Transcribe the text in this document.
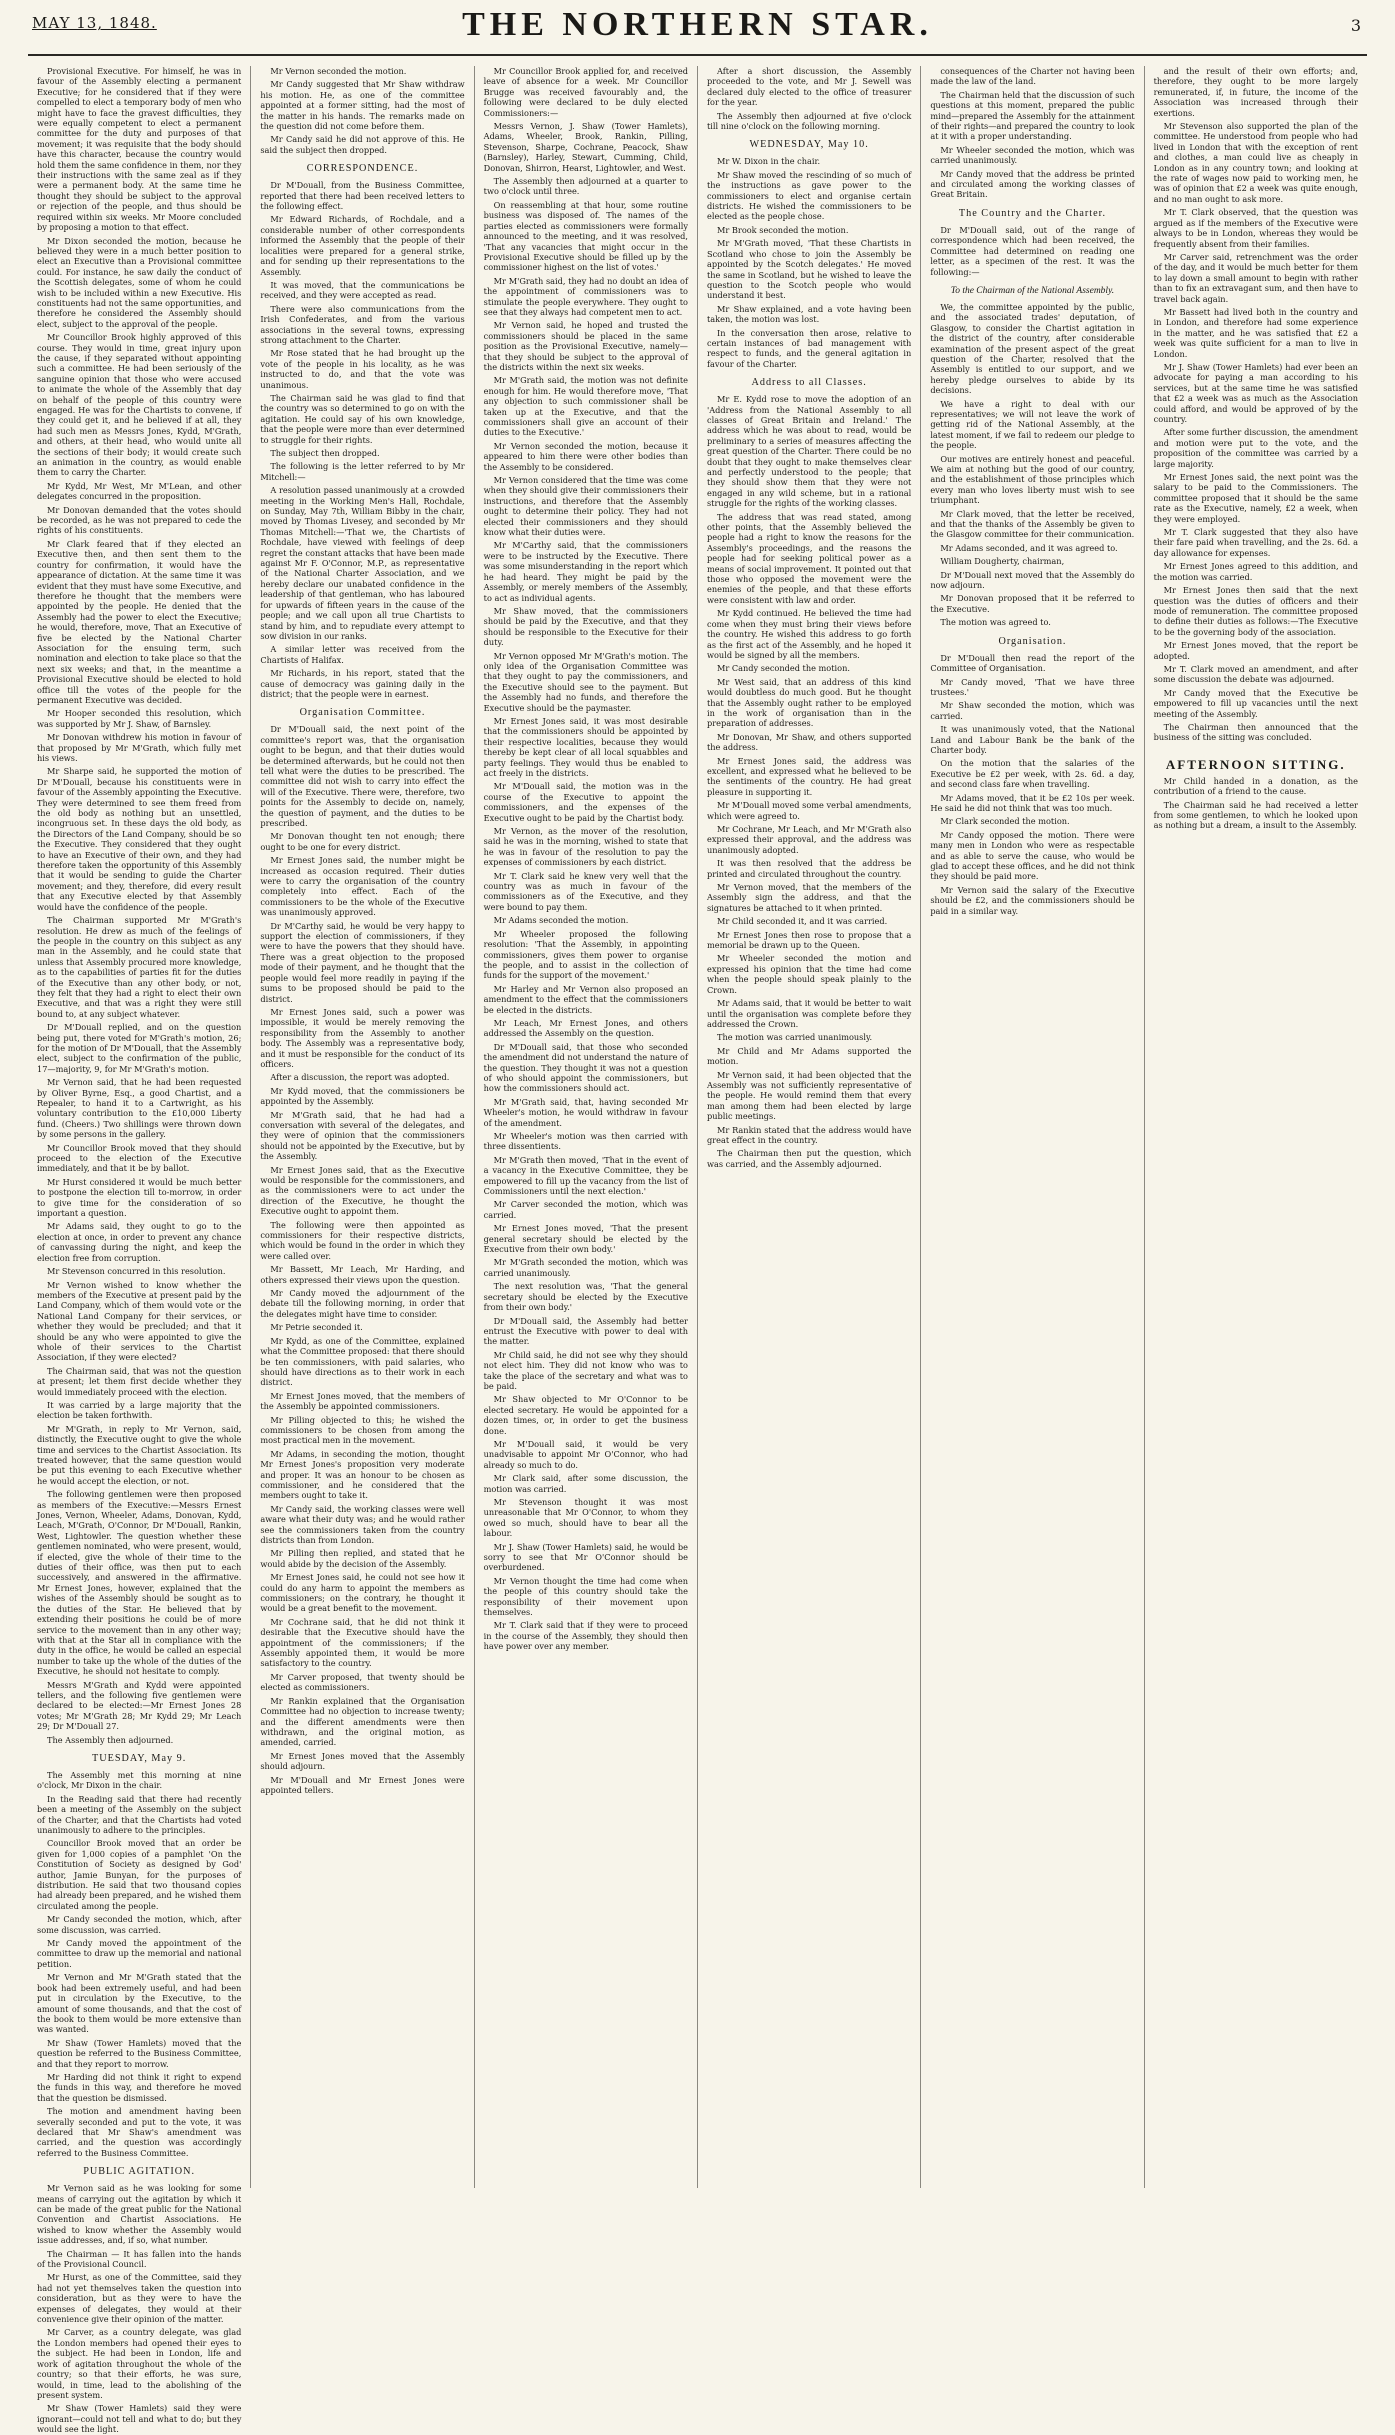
MAY 13, 1848.	THE NORTHERN STAR.	3

Provisional Executive. For himself, he was in favour of the Assembly electing a permanent Executive; for he considered that if they were compelled to elect a temporary body of men who might have to face the gravest difficulties, they were equally competent to elect a permanent committee for the duty and purposes of that movement; it was requisite that the body should have this character, because the country would hold them the same confidence in them, nor they their instructions with the same zeal as if they were a permanent body. At the same time he thought they should be subject to the approval or rejection of the people, and thus should be required within six weeks. Mr Moore concluded by proposing a motion to that effect.

Mr Dixon seconded the motion, because he believed they were in a much better position to elect an Executive than a Provisional committee could. For instance, he saw daily the conduct of the Scottish delegates, some of whom he could wish to be included within a new Executive. His constituents had not the same opportunities, and therefore he considered the Assembly should elect, subject to the approval of the people.

Mr Councillor Brook highly approved of this course. They would in time, great injury upon the cause, if they separated without appointing such a committee. He had been seriously of the sanguine opinion that those who were accused to animate the whole of the Assembly that day on behalf of the people of this country were engaged. He was for the Chartists to convene, if they could get it, and he believed if at all, they had such men as Messrs Jones, Kydd, M'Grath, and others, at their head, who would unite all the sections of their body; it would create such an animation in the country, as would enable them to carry the Charter.

Mr Kydd, Mr West, Mr M'Lean, and other delegates concurred in the proposition.

Mr Donovan demanded that the votes should be recorded, as he was not prepared to cede the rights of his constituents.

Mr Clark feared that if they elected an Executive then, and then sent them to the country for confirmation, it would have the appearance of dictation. At the same time it was evident that they must have some Executive, and therefore he thought that the members were appointed by the people. He denied that the Assembly had the power to elect the Executive; he would, therefore, move, That an Executive of five be elected by the National Charter Association for the ensuing term, such nomination and election to take place so that the next six weeks; and that, in the meantime a Provisional Executive should be elected to hold office till the votes of the people for the permanent Executive was decided.

Mr Hooper seconded this resolution, which was supported by Mr J. Shaw, of Barnsley.

Mr Donovan withdrew his motion in favour of that proposed by Mr M'Grath, which fully met his views.

Mr Sharpe said, he supported the motion of Dr M'Douall, because his constituents were in favour of the Assembly appointing the Executive. They were determined to see them freed from the old body as nothing but an unsettled, incongruous set. In these days the old body, as the Directors of the Land Company, should be so the Executive. They considered that they ought to have an Executive of their own, and they had therefore taken the opportunity of this Assembly that it would be sending to guide the Charter movement; and they, therefore, did every result that any Executive elected by that Assembly would have the confidence of the people.

The Chairman supported Mr M'Grath's resolution. He drew as much of the feelings of the people in the country on this subject as any man in the Assembly, and he could state that unless that Assembly procured more knowledge, as to the capabilities of parties fit for the duties of the Executive than any other body, or not, they felt that they had a right to elect their own Executive, and that was a right they were still bound to, at any subject whatever.

Dr M'Douall replied, and on the question being put, there voted for M'Grath's motion, 26; for the motion of Dr M'Douall, that the Assembly elect, subject to the confirmation of the public, 17—majority, 9, for Mr M'Grath's motion.

Mr Vernon said, that he had been requested by Oliver Byrne, Esq., a good Chartist, and a Repealer, to hand it to a Cartwright, as his voluntary contribution to the £10,000 Liberty fund. (Cheers.) Two shillings were thrown down by some persons in the gallery.

Mr Councillor Brook moved that they should proceed to the election of the Executive immediately, and that it be by ballot.

Mr Hurst considered it would be much better to postpone the election till to-morrow, in order to give time for the consideration of so important a question.

Mr Adams said, they ought to go to the election at once, in order to prevent any chance of canvassing during the night, and keep the election free from corruption.

Mr Stevenson concurred in this resolution.

Mr Vernon wished to know whether the members of the Executive at present paid by the Land Company, which of them would vote or the National Land Company for their services, or whether they would be precluded; and that it should be any who were appointed to give the whole of their services to the Chartist Association, if they were elected?

The Chairman said, that was not the question at present; let them first decide whether they would immediately proceed with the election.

It was carried by a large majority that the election be taken forthwith.

Mr M'Grath, in reply to Mr Vernon, said, distinctly, the Executive ought to give the whole time and services to the Chartist Association. Its treated however, that the same question would be put this evening to each Executive whether he would accept the election, or not.

The following gentlemen were then proposed as members of the Executive:—Messrs Ernest Jones, Vernon, Wheeler, Adams, Donovan, Kydd, Leach, M'Grath, O'Connor, Dr M'Douall, Rankin, West, Lightowler. The question whether these gentlemen nominated, who were present, would, if elected, give the whole of their time to the duties of their office, was then put to each successively, and answered in the affirmative. Mr Ernest Jones, however, explained that the wishes of the Assembly should be sought as to the duties of the Star. He believed that by extending their positions he could be of more service to the movement than in any other way; with that at the Star all in compliance with the duty in the office, he would be called an especial number to take up the whole of the duties of the Executive, he should not hesitate to comply.

Messrs M'Grath and Kydd were appointed tellers, and the following five gentlemen were declared to be elected:—Mr Ernest Jones 28 votes; Mr M'Grath 28; Mr Kydd 29; Mr Leach 29; Dr M'Douall 27.

The Assembly then adjourned.

TUESDAY, May 9.

The Assembly met this morning at nine o'clock, Mr Dixon in the chair.

In the Reading said that there had recently been a meeting of the Assembly on the subject of the Charter, and that the Chartists had voted unanimously to adhere to the principles.

Councillor Brook moved that an order be given for 1,000 copies of a pamphlet 'On the Constitution of Society as designed by God' author, Jamie Bunyan, for the purposes of distribution. He said that two thousand copies had already been prepared, and he wished them circulated among the people.

Mr Candy seconded the motion, which, after some discussion, was carried.

Mr Candy moved the appointment of the committee to draw up the memorial and national petition.

Mr Vernon and Mr M'Grath stated that the book had been extremely useful, and had been put in circulation by the Executive, to the amount of some thousands, and that the cost of the book to them would be more extensive than was wanted.

Mr Shaw (Tower Hamlets) moved that the question be referred to the Business Committee, and that they report to morrow.

Mr Harding did not think it right to expend the funds in this way, and therefore he moved that the question be dismissed.

The motion and amendment having been severally seconded and put to the vote, it was declared that Mr Shaw's amendment was carried, and the question was accordingly referred to the Business Committee.

PUBLIC AGITATION.

Mr Vernon said as he was looking for some means of carrying out the agitation by which it can be made of the great public for the National Convention and Chartist Associations. He wished to know whether the Assembly would issue addresses, and, if so, what number.

The Chairman — It has fallen into the hands of the Provisional Council.

Mr Hurst, as one of the Committee, said they had not yet themselves taken the question into consideration, but as they were to have the expenses of delegates, they would at their convenience give their opinion of the matter.

Mr Carver, as a country delegate, was glad the London members had opened their eyes to the subject. He had been in London, life and work of agitation throughout the whole of the country; so that their efforts, he was sure, would, in time, lead to the abolishing of the present system.

Mr Shaw (Tower Hamlets) said they were ignorant—could not tell and what to do; but they would see the light.

Mr Vernon seconded the motion.

Mr Candy suggested that Mr Shaw withdraw his motion. He, as one of the committee appointed at a former sitting, had the most of the matter in his hands. The remarks made on the question did not come before them.

Mr Candy said he did not approve of this. He said the subject then dropped.

CORRESPONDENCE.

Dr M'Douall, from the Business Committee, reported that there had been received letters to the following effect.

Mr Edward Richards, of Rochdale, and a considerable number of other correspondents informed the Assembly that the people of their localities were prepared for a general strike, and for sending up their representations to the Assembly.

It was moved, that the communications be received, and they were accepted as read.

There were also communications from the Irish Confederates, and from the various associations in the several towns, expressing strong attachment to the Charter.

Mr Rose stated that he had brought up the vote of the people in his locality, as he was instructed to do, and that the vote was unanimous.

The Chairman said he was glad to find that the country was so determined to go on with the agitation. He could say of his own knowledge, that the people were more than ever determined to struggle for their rights.

The subject then dropped.

The following is the letter referred to by Mr Mitchell:—

A resolution passed unanimously at a crowded meeting in the Working Men's Hall, Rochdale, on Sunday, May 7th, William Bibby in the chair, moved by Thomas Livesey, and seconded by Mr Thomas Mitchell:—'That we, the Chartists of Rochdale, have viewed with feelings of deep regret the constant attacks that have been made against Mr F. O'Connor, M.P., as representative of the National Charter Association, and we hereby declare our unabated confidence in the leadership of that gentleman, who has laboured for upwards of fifteen years in the cause of the people; and we call upon all true Chartists to stand by him, and to repudiate every attempt to sow division in our ranks.

A similar letter was received from the Chartists of Halifax.

Mr Richards, in his report, stated that the cause of democracy was gaining daily in the district; that the people were in earnest.

Organisation Committee.

Dr M'Douall said, the next point of the committee's report was, that the organisation ought to be begun, and that their duties would be determined afterwards, but he could not then tell what were the duties to be prescribed. The committee did not wish to carry into effect the will of the Executive. There were, therefore, two points for the Assembly to decide on, namely, the question of payment, and the duties to be prescribed.

Mr Donovan thought ten not enough; there ought to be one for every district.

Mr Ernest Jones said, the number might be increased as occasion required. Their duties were to carry the organisation of the country completely into effect. Each of the commissioners to be the whole of the Executive was unanimously approved.

Dr M'Carthy said, he would be very happy to support the election of commissioners, if they were to have the powers that they should have. There was a great objection to the proposed mode of their payment, and he thought that the people would feel more readily in paying if the sums to be proposed should be paid to the district.

Mr Ernest Jones said, such a power was impossible, it would be merely removing the responsibility from the Assembly to another body. The Assembly was a representative body, and it must be responsible for the conduct of its officers.

After a discussion, the report was adopted.

Mr Kydd moved, that the commissioners be appointed by the Assembly.

Mr M'Grath said, that he had had a conversation with several of the delegates, and they were of opinion that the commissioners should not be appointed by the Executive, but by the Assembly.

Mr Ernest Jones said, that as the Executive would be responsible for the commissioners, and as the commissioners were to act under the direction of the Executive, he thought the Executive ought to appoint them.

The following were then appointed as commissioners for their respective districts, which would be found in the order in which they were called over.

Mr Bassett, Mr Leach, Mr Harding, and others expressed their views upon the question.

Mr Candy moved the adjournment of the debate till the following morning, in order that the delegates might have time to consider.

Mr Petrie seconded it.

Mr Kydd, as one of the Committee, explained what the Committee proposed: that there should be ten commissioners, with paid salaries, who should have directions as to their work in each district.

Mr Ernest Jones moved, that the members of the Assembly be appointed commissioners.

Mr Pilling objected to this; he wished the commissioners to be chosen from among the most practical men in the movement.

Mr Adams, in seconding the motion, thought Mr Ernest Jones's proposition very moderate and proper. It was an honour to be chosen as commissioner, and he considered that the members ought to take it.

Mr Candy said, the working classes were well aware what their duty was; and he would rather see the commissioners taken from the country districts than from London.

Mr Pilling then replied, and stated that he would abide by the decision of the Assembly.

Mr Ernest Jones said, he could not see how it could do any harm to appoint the members as commissioners; on the contrary, he thought it would be a great benefit to the movement.

Mr Cochrane said, that he did not think it desirable that the Executive should have the appointment of the commissioners; if the Assembly appointed them, it would be more satisfactory to the country.

Mr Carver proposed, that twenty should be elected as commissioners.

Mr Rankin explained that the Organisation Committee had no objection to increase twenty; and the different amendments were then withdrawn, and the original motion, as amended, carried.

Mr Ernest Jones moved that the Assembly should adjourn.

Mr M'Douall and Mr Ernest Jones were appointed tellers.

Mr Councillor Brook applied for, and received leave of absence for a week. Mr Councillor Brugge was received favourably and, the following were declared to be duly elected Commissioners:—

Messrs Vernon, J. Shaw (Tower Hamlets), Adams, Wheeler, Brook, Rankin, Pilling, Stevenson, Sharpe, Cochrane, Peacock, Shaw (Barnsley), Harley, Stewart, Cumming, Child, Donovan, Shirron, Hearst, Lightowler, and West.

The Assembly then adjourned at a quarter to two o'clock until three.

On reassembling at that hour, some routine business was disposed of. The names of the parties elected as commissioners were formally announced to the meeting, and it was resolved, 'That any vacancies that might occur in the Provisional Executive should be filled up by the commissioner highest on the list of votes.'

Mr M'Grath said, they had no doubt an idea of the appointment of commissioners was to stimulate the people everywhere. They ought to see that they always had competent men to act.

Mr Vernon said, he hoped and trusted the commissioners should be placed in the same position as the Provisional Executive, namely—that they should be subject to the approval of the districts within the next six weeks.

Mr M'Grath said, the motion was not definite enough for him. He would therefore move, 'That any objection to such commissioner shall be taken up at the Executive, and that the commissioners shall give an account of their duties to the Executive.'

Mr Vernon seconded the motion, because it appeared to him there were other bodies than the Assembly to be considered.

Mr Vernon considered that the time was come when they should give their commissioners their instructions, and therefore that the Assembly ought to determine their policy. They had not elected their commissioners and they should know what their duties were.

Mr M'Carthy said, that the commissioners were to be instructed by the Executive. There was some misunderstanding in the report which he had heard. They might be paid by the Assembly, or merely members of the Assembly, to act as individual agents.

Mr Shaw moved, that the commissioners should be paid by the Executive, and that they should be responsible to the Executive for their duty.

Mr Vernon opposed Mr M'Grath's motion. The only idea of the Organisation Committee was that they ought to pay the commissioners, and the Executive should see to the payment. But the Assembly had no funds, and therefore the Executive should be the paymaster.

Mr Ernest Jones said, it was most desirable that the commissioners should be appointed by their respective localities, because they would thereby be kept clear of all local squabbles and party feelings. They would thus be enabled to act freely in the districts.

Mr M'Douall said, the motion was in the course of the Executive to appoint the commissioners, and the expenses of the Executive ought to be paid by the Chartist body.

Mr Vernon, as the mover of the resolution, said he was in the morning, wished to state that he was in favour of the resolution to pay the expenses of commissioners by each district.

Mr T. Clark said he knew very well that the country was as much in favour of the commissioners as of the Executive, and they were bound to pay them.

Mr Adams seconded the motion.

Mr Wheeler proposed the following resolution: 'That the Assembly, in appointing commissioners, gives them power to organise the people, and to assist in the collection of funds for the support of the movement.'

Mr Harley and Mr Vernon also proposed an amendment to the effect that the commissioners be elected in the districts.

Mr Leach, Mr Ernest Jones, and others addressed the Assembly on the question.

Dr M'Douall said, that those who seconded the amendment did not understand the nature of the question. They thought it was not a question of who should appoint the commissioners, but how the commissioners should act.

Mr M'Grath said, that, having seconded Mr Wheeler's motion, he would withdraw in favour of the amendment.

Mr Wheeler's motion was then carried with three dissentients.

Mr M'Grath then moved, 'That in the event of a vacancy in the Executive Committee, they be empowered to fill up the vacancy from the list of Commissioners until the next election.'

Mr Carver seconded the motion, which was carried.

Mr Ernest Jones moved, 'That the present general secretary should be elected by the Executive from their own body.'

Mr M'Grath seconded the motion, which was carried unanimously.

The next resolution was, 'That the general secretary should be elected by the Executive from their own body.'

Dr M'Douall said, the Assembly had better entrust the Executive with power to deal with the matter.

Mr Child said, he did not see why they should not elect him. They did not know who was to take the place of the secretary and what was to be paid.

Mr Shaw objected to Mr O'Connor to be elected secretary. He would be appointed for a dozen times, or, in order to get the business done.

Mr M'Douall said, it would be very unadvisable to appoint Mr O'Connor, who had already so much to do.

Mr Clark said, after some discussion, the motion was carried.

Mr Stevenson thought it was most unreasonable that Mr O'Connor, to whom they owed so much, should have to bear all the labour.

Mr J. Shaw (Tower Hamlets) said, he would be sorry to see that Mr O'Connor should be overburdened.

Mr Vernon thought the time had come when the people of this country should take the responsibility of their movement upon themselves.

Mr T. Clark said that if they were to proceed in the course of the Assembly, they should then have power over any member.

After a short discussion, the Assembly proceeded to the vote, and Mr J. Sewell was declared duly elected to the office of treasurer for the year.

The Assembly then adjourned at five o'clock till nine o'clock on the following morning.

WEDNESDAY, May 10.

Mr W. Dixon in the chair.

Mr Shaw moved the rescinding of so much of the instructions as gave power to the commissioners to elect and organise certain districts. He wished the commissioners to be elected as the people chose.

Mr Brook seconded the motion.

Mr M'Grath moved, 'That these Chartists in Scotland who chose to join the Assembly be appointed by the Scotch delegates.' He moved the same in Scotland, but he wished to leave the question to the Scotch people who would understand it best.

Mr Shaw explained, and a vote having been taken, the motion was lost.

In the conversation then arose, relative to certain instances of bad management with respect to funds, and the general agitation in favour of the Charter.

Address to all Classes.

Mr E. Kydd rose to move the adoption of an 'Address from the National Assembly to all classes of Great Britain and Ireland.' The address which he was about to read, would be preliminary to a series of measures affecting the great question of the Charter. There could be no doubt that they ought to make themselves clear and perfectly understood to the people; that they should show them that they were not engaged in any wild scheme, but in a rational struggle for the rights of the working classes.

The address that was read stated, among other points, that the Assembly believed the people had a right to know the reasons for the Assembly's proceedings, and the reasons the people had for seeking political power as a means of social improvement. It pointed out that those who opposed the movement were the enemies of the people, and that these efforts were consistent with law and order.

Mr Kydd continued. He believed the time had come when they must bring their views before the country. He wished this address to go forth as the first act of the Assembly, and he hoped it would be signed by all the members.

Mr Candy seconded the motion.

Mr West said, that an address of this kind would doubtless do much good. But he thought that the Assembly ought rather to be employed in the work of organisation than in the preparation of addresses.

Mr Donovan, Mr Shaw, and others supported the address.

Mr Ernest Jones said, the address was excellent, and expressed what he believed to be the sentiments of the country. He had great pleasure in supporting it.

Mr M'Douall moved some verbal amendments, which were agreed to.

Mr Cochrane, Mr Leach, and Mr M'Grath also expressed their approval, and the address was unanimously adopted.

It was then resolved that the address be printed and circulated throughout the country.

Mr Vernon moved, that the members of the Assembly sign the address, and that the signatures be attached to it when printed.

Mr Child seconded it, and it was carried.

Mr Ernest Jones then rose to propose that a memorial be drawn up to the Queen.

Mr Wheeler seconded the motion and expressed his opinion that the time had come when the people should speak plainly to the Crown.

Mr Adams said, that it would be better to wait until the organisation was complete before they addressed the Crown.

The motion was carried unanimously.

Mr Child and Mr Adams supported the motion.

Mr Vernon said, it had been objected that the Assembly was not sufficiently representative of the people. He would remind them that every man among them had been elected by large public meetings.

Mr Rankin stated that the address would have great effect in the country.

The Chairman then put the question, which was carried, and the Assembly adjourned.

consequences of the Charter not having been made the law of the land.

The Chairman held that the discussion of such questions at this moment, prepared the public mind—prepared the Assembly for the attainment of their rights—and prepared the country to look at it with a proper understanding.

Mr Wheeler seconded the motion, which was carried unanimously.

Mr Candy moved that the address be printed and circulated among the working classes of Great Britain.

The Country and the Charter.

Dr M'Douall said, out of the range of correspondence which had been received, the Committee had determined on reading one letter, as a specimen of the rest. It was the following:—

To the Chairman of the National Assembly.

We, the committee appointed by the public, and the associated trades' deputation, of Glasgow, to consider the Chartist agitation in the district of the country, after considerable examination of the present aspect of the great question of the Charter, resolved that the Assembly is entitled to our support, and we hereby pledge ourselves to abide by its decisions.

We have a right to deal with our representatives; we will not leave the work of getting rid of the National Assembly, at the latest moment, if we fail to redeem our pledge to the people.

Our motives are entirely honest and peaceful. We aim at nothing but the good of our country, and the establishment of those principles which every man who loves liberty must wish to see triumphant.

Mr Clark moved, that the letter be received, and that the thanks of the Assembly be given to the Glasgow committee for their communication.

Mr Adams seconded, and it was agreed to.

William Dougherty, chairman,

Dr M'Douall next moved that the Assembly do now adjourn.

Mr Donovan proposed that it be referred to the Executive.

The motion was agreed to.

Organisation.

Dr M'Douall then read the report of the Committee of Organisation.

Mr Candy moved, 'That we have three trustees.'

Mr Shaw seconded the motion, which was carried.

It was unanimously voted, that the National Land and Labour Bank be the bank of the Charter body.

On the motion that the salaries of the Executive be £2 per week, with 2s. 6d. a day, and second class fare when travelling.

Mr Adams moved, that it be £2 10s per week. He said he did not think that was too much.

Mr Clark seconded the motion.

Mr Candy opposed the motion. There were many men in London who were as respectable and as able to serve the cause, who would be glad to accept these offices, and he did not think they should be paid more.

Mr Vernon said the salary of the Executive should be £2, and the commissioners should be paid in a similar way.

and the result of their own efforts; and, therefore, they ought to be more largely remunerated, if, in future, the income of the Association was increased through their exertions.

Mr Stevenson also supported the plan of the committee. He understood from people who had lived in London that with the exception of rent and clothes, a man could live as cheaply in London as in any country town; and looking at the rate of wages now paid to working men, he was of opinion that £2 a week was quite enough, and no man ought to ask more.

Mr T. Clark observed, that the question was argued as if the members of the Executive were always to be in London, whereas they would be frequently absent from their families.

Mr Carver said, retrenchment was the order of the day, and it would be much better for them to lay down a small amount to begin with rather than to fix an extravagant sum, and then have to travel back again.

Mr Bassett had lived both in the country and in London, and therefore had some experience in the matter, and he was satisfied that £2 a week was quite sufficient for a man to live in London.

Mr J. Shaw (Tower Hamlets) had ever been an advocate for paying a man according to his services, but at the same time he was satisfied that £2 a week was as much as the Association could afford, and would be approved of by the country.

After some further discussion, the amendment and motion were put to the vote, and the proposition of the committee was carried by a large majority.

Mr Ernest Jones said, the next point was the salary to be paid to the Commissioners. The committee proposed that it should be the same rate as the Executive, namely, £2 a week, when they were employed.

Mr T. Clark suggested that they also have their fare paid when travelling, and the 2s. 6d. a day allowance for expenses.

Mr Ernest Jones agreed to this addition, and the motion was carried.

Mr Ernest Jones then said that the next question was the duties of officers and their mode of remuneration. The committee proposed to define their duties as follows:—The Executive to be the governing body of the association.

Mr Ernest Jones moved, that the report be adopted.

Mr T. Clark moved an amendment, and after some discussion the debate was adjourned.

Mr Candy moved that the Executive be empowered to fill up vacancies until the next meeting of the Assembly.

The Chairman then announced that the business of the sitting was concluded.

AFTERNOON SITTING.

Mr Child handed in a donation, as the contribution of a friend to the cause.

The Chairman said he had received a letter from some gentlemen, to which he looked upon as nothing but a dream, a insult to the Assembly.
